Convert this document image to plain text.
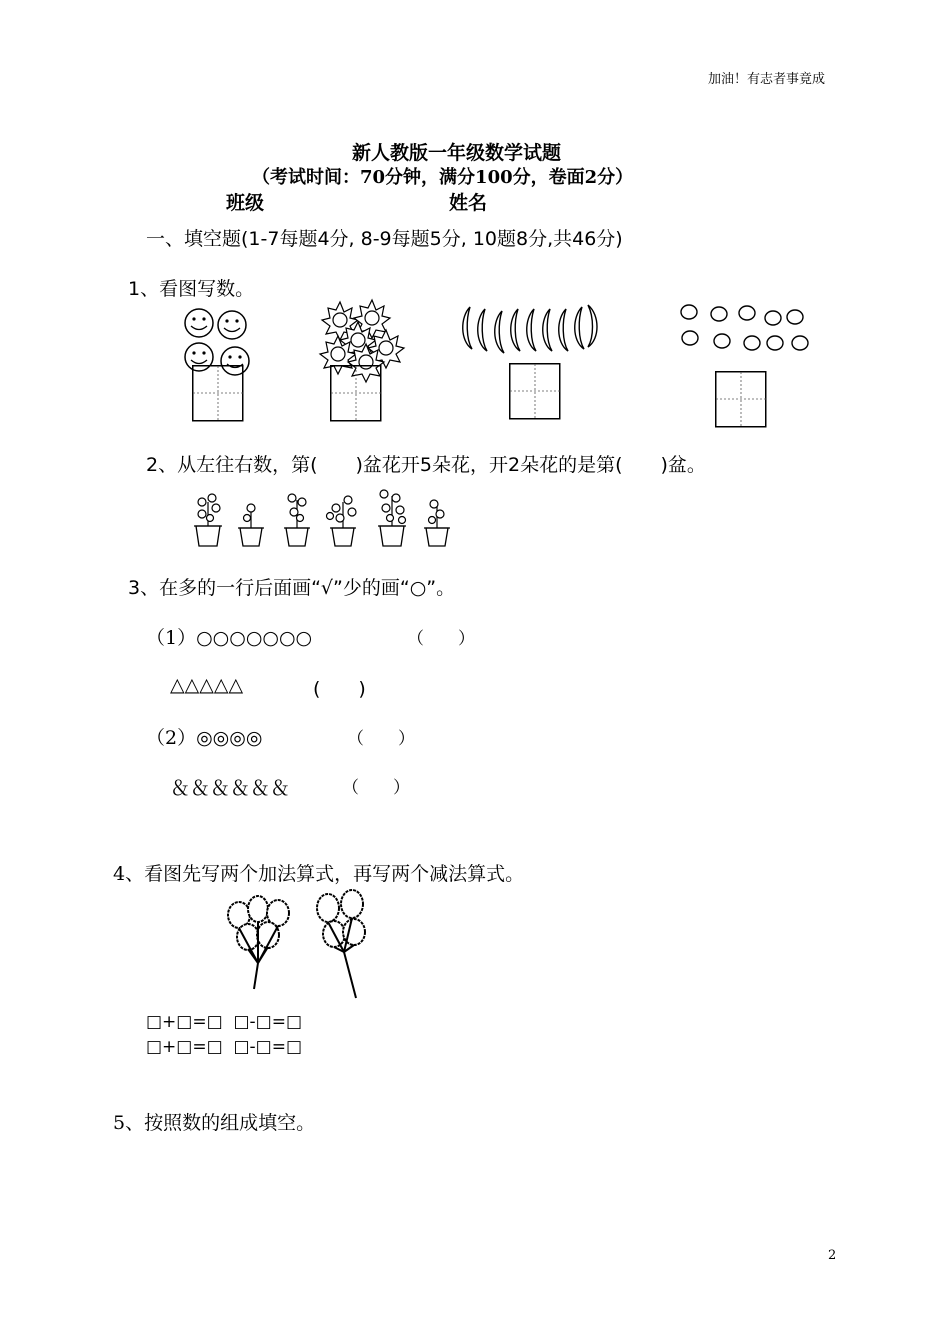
加油！有志者事竟成
新人教版一年级数学试题
（考试时间：70分钟，满分100分，卷面2分）
班级	姓名
一、填空题(1-7每题4分, 8-9每题5分, 10题8分,共46分)
1、看图写数。
2、从左往右数，第(　　)盆花开5朵花，开2朵花的是第(　　)盆。
3、在多的一行后面画“√”少的画“○”。
（1）○○○○○○○	（　　）
△△△△△	(　　)
（2）◎◎◎◎	（　　）
＆＆＆＆＆＆	（　　）
4、看图先写两个加法算式，再写两个减法算式。
□+□=□  □-□=□
□+□=□  □-□=□
5、按照数的组成填空。
2
